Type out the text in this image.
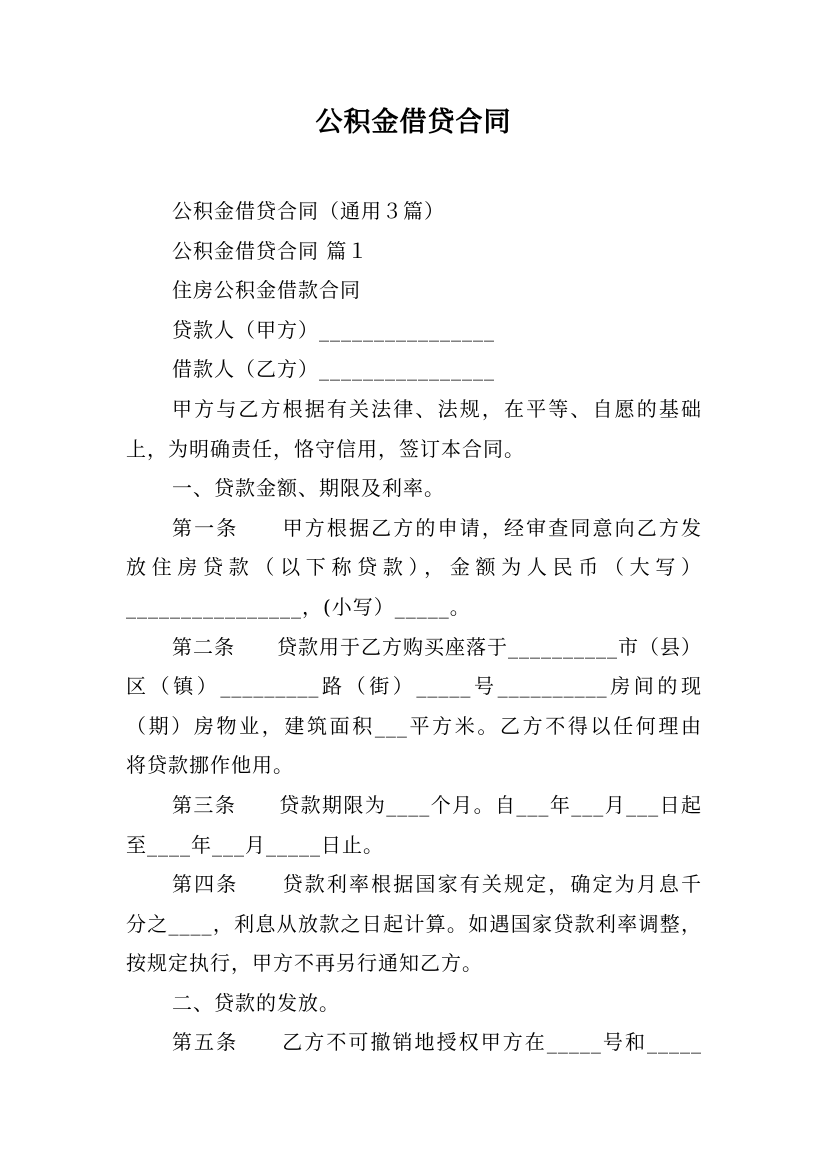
公积金借贷合同
公积金借贷合同（通用３篇）
公积金借贷合同 篇１
住房公积金借款合同
贷款人（甲方）________________
借款人（乙方）________________
甲方与乙方根据有关法律、法规，在平等、自愿的基础
上，为明确责任，恪守信用，签订本合同。
一、贷款金额、期限及利率。
第一条　　甲方根据乙方的申请，经审查同意向乙方发
放住房贷款（以下称贷款），金额为人民币（大写）
________________，(小写）_____。
第二条　　贷款用于乙方购买座落于__________市（县）
区（镇）_________路（街）_____号__________房间的现
（期）房物业，建筑面积___平方米。乙方不得以任何理由
将贷款挪作他用。
第三条　　贷款期限为____个月。自___年___月___日起
至____年___月_____日止。
第四条　　贷款利率根据国家有关规定，确定为月息千
分之____，利息从放款之日起计算。如遇国家贷款利率调整，
按规定执行，甲方不再另行通知乙方。
二、贷款的发放。
第五条　　乙方不可撤销地授权甲方在_____号和_____
